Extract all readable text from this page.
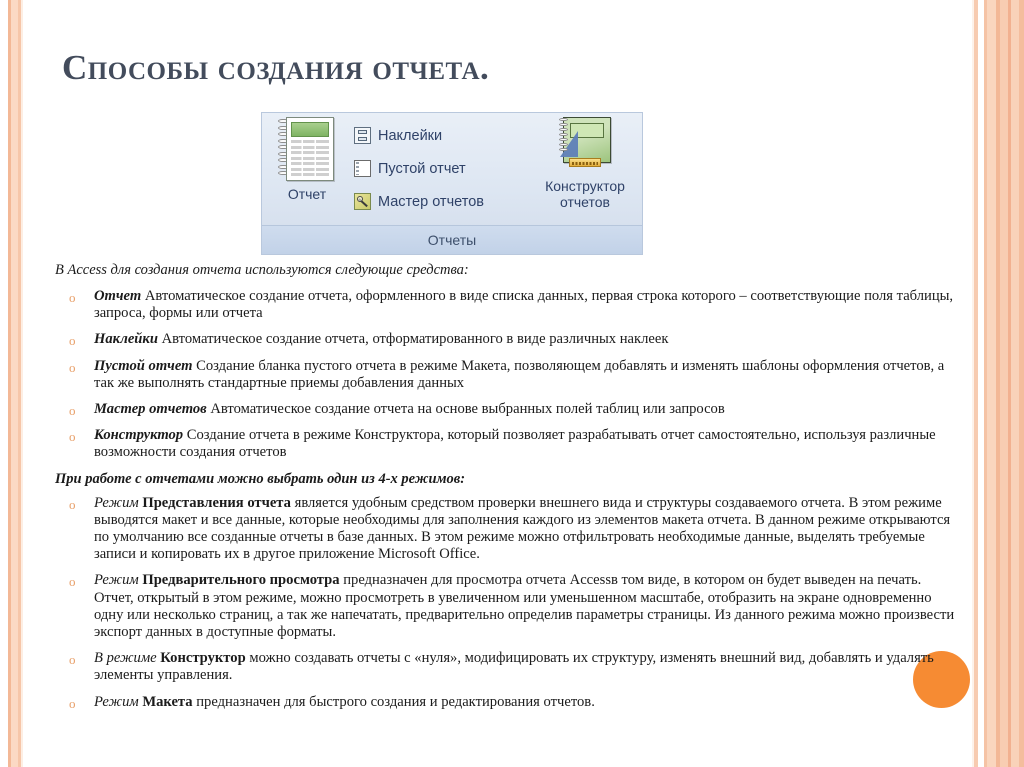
Способы создания отчета.
Отчет
Наклейки
Пустой отчет
Мастер отчетов
Конструктор
отчетов
Отчеты

В Access для создания отчета используются следующие средства:

o Отчет Автоматическое создание отчета, оформленного в виде списка данных, первая строка которого – соответствующие поля таблицы, запроса, формы или отчета
o Наклейки Автоматическое создание отчета, отформатированного в виде различных наклеек
o Пустой отчет Создание бланка пустого отчета в режиме Макета, позволяющем добавлять и изменять шаблоны оформления отчетов, а так же выполнять стандартные приемы добавления данных
o Мастер отчетов Автоматическое создание отчета на основе выбранных полей таблиц или запросов
o Конструктор Создание отчета в режиме Конструктора, который позволяет разрабатывать отчет самостоятельно, используя различные возможности создания отчетов

При работе с отчетами можно выбрать один из 4-х режимов:

o Режим Представления отчета является удобным средством проверки внешнего вида и структуры создаваемого отчета. В этом режиме выводятся макет и все данные, которые необходимы для заполнения каждого из элементов макета отчета. В данном режиме открываются по умолчанию все созданные отчеты в базе данных. В этом режиме можно отфильтровать необходимые данные, выделять требуемые записи и копировать их в другое приложение Microsoft Office.
o Режим Предварительного просмотра предназначен для просмотра отчета Accessв том виде, в котором он будет выведен на печать. Отчет, открытый в этом режиме, можно просмотреть в увеличенном или уменьшенном масштабе, отобразить на экране одновременно одну или несколько страниц, а так же напечатать, предварительно определив параметры страницы. Из данного режима можно произвести экспорт данных в доступные форматы.
o В режиме Конструктор можно создавать отчеты с «нуля», модифицировать их структуру, изменять внешний вид, добавлять и удалять элементы управления.
o Режим Макета предназначен для быстрого создания и редактирования отчетов.
